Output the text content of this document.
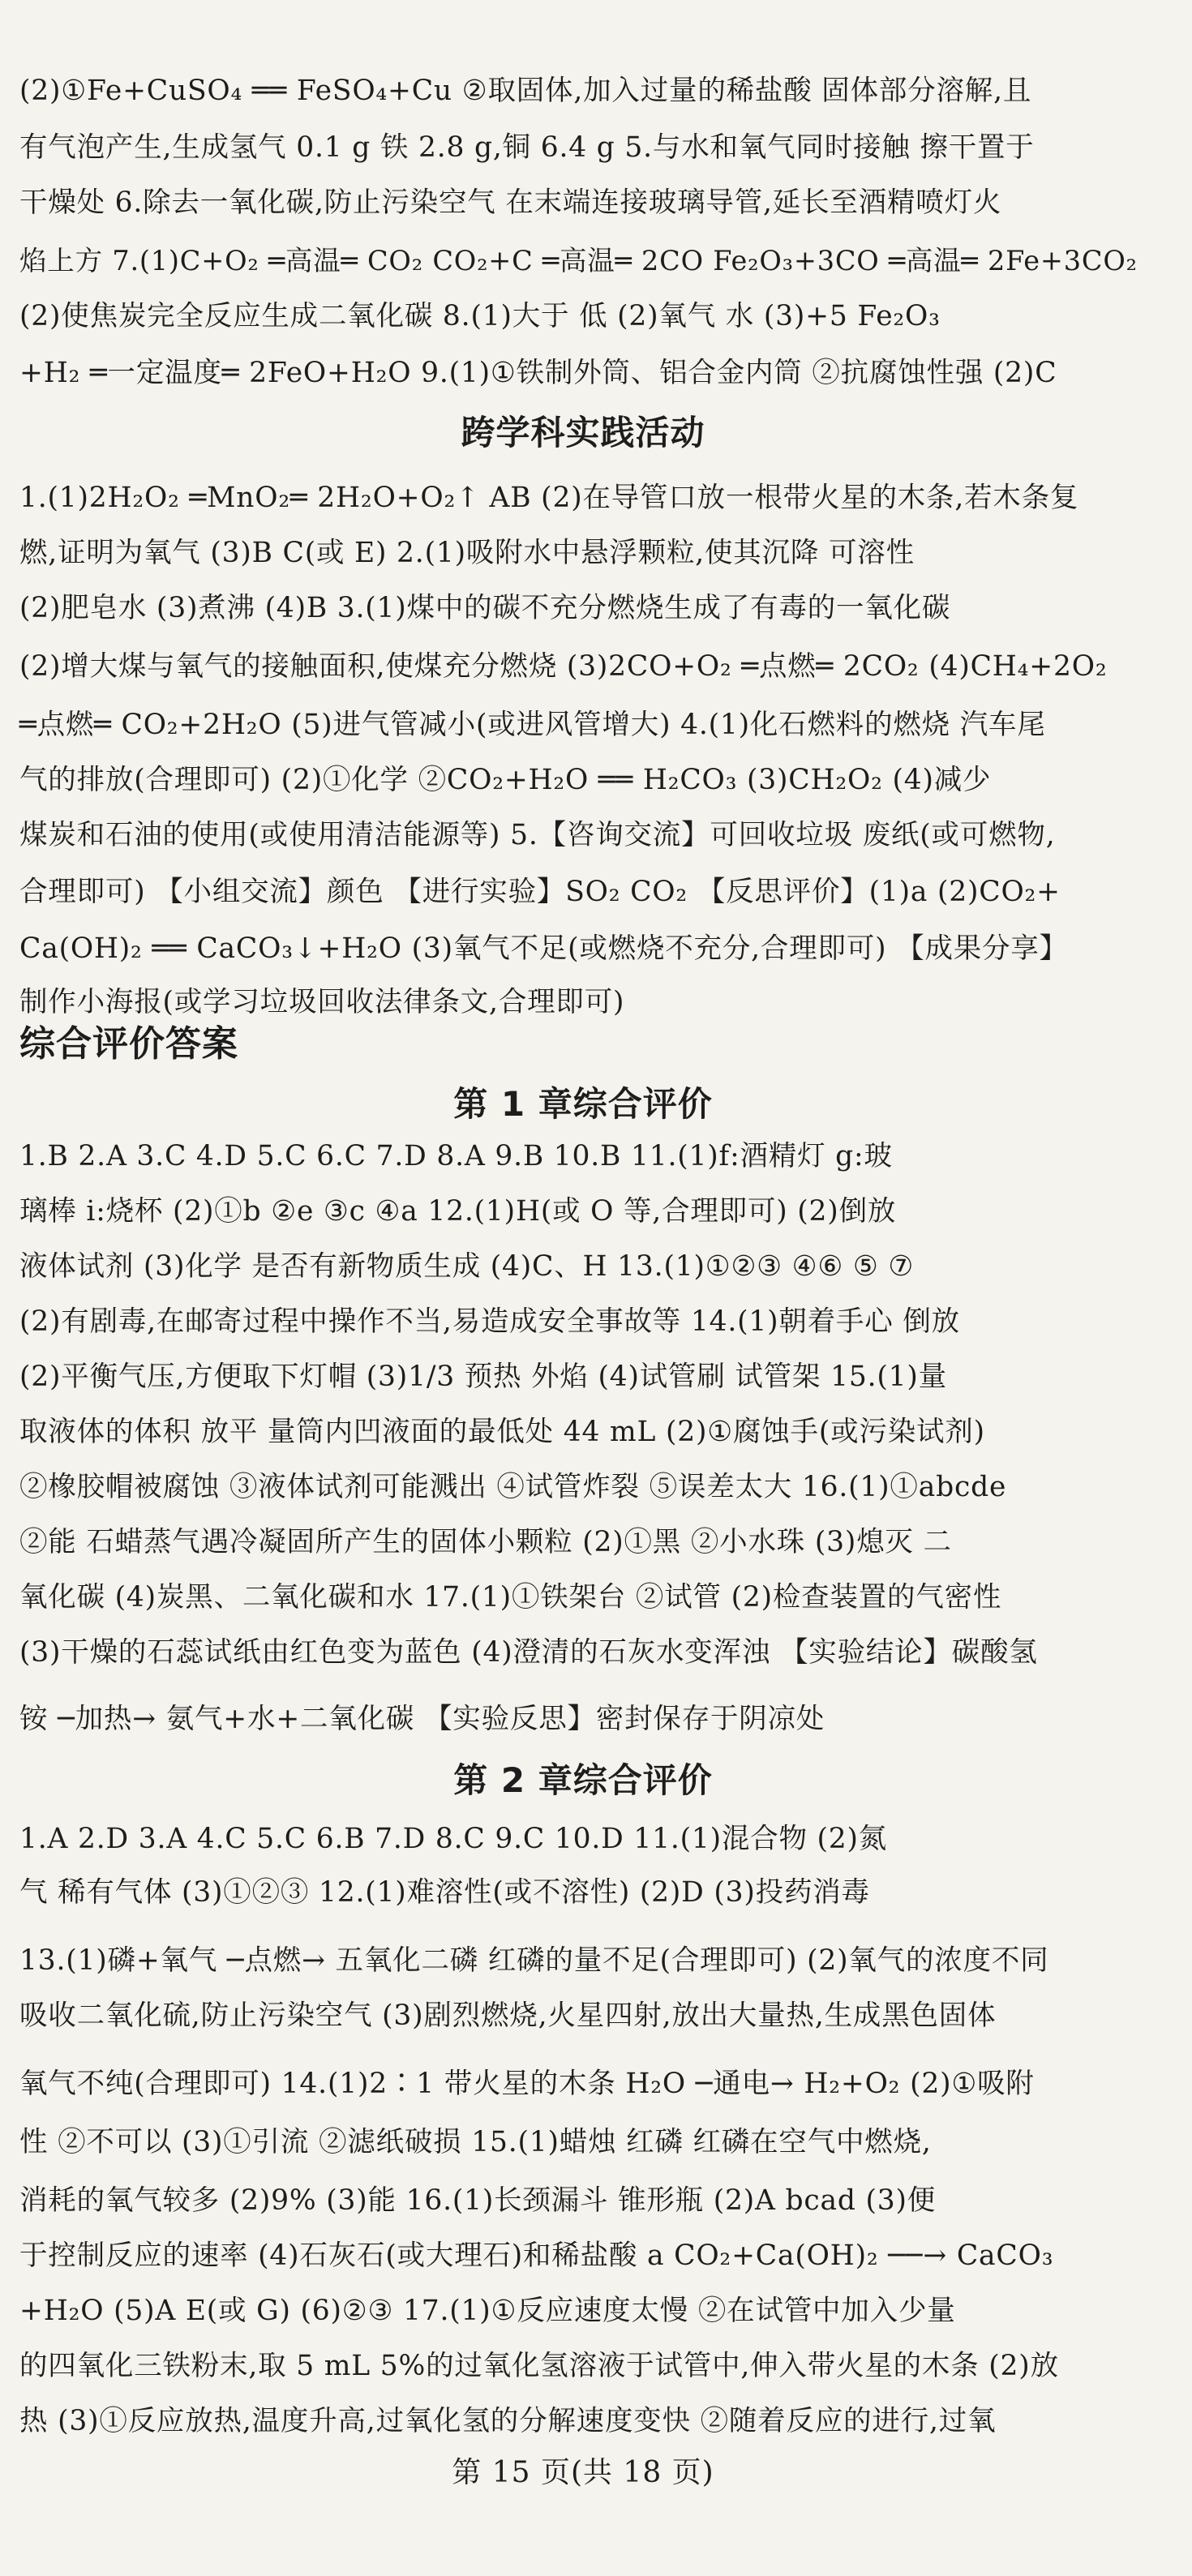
(2)①Fe+CuSO₄ ══ FeSO₄+Cu ②取固体,加入过量的稀盐酸 固体部分溶解,且
有气泡产生,生成氢气 0.1 g 铁 2.8 g,铜 6.4 g 5.与水和氧气同时接触 擦干置于
干燥处 6.除去一氧化碳,防止污染空气 在末端连接玻璃导管,延长至酒精喷灯火
焰上方 7.(1)C+O₂ ═高温═ CO₂ CO₂+C ═高温═ 2CO Fe₂O₃+3CO ═高温═ 2Fe+3CO₂
(2)使焦炭完全反应生成二氧化碳 8.(1)大于 低 (2)氧气 水 (3)+5 Fe₂O₃
+H₂ ═一定温度═ 2FeO+H₂O 9.(1)①铁制外筒、铝合金内筒 ②抗腐蚀性强 (2)C
跨学科实践活动
1.(1)2H₂O₂ ═MnO₂═ 2H₂O+O₂↑ AB (2)在导管口放一根带火星的木条,若木条复
燃,证明为氧气 (3)B C(或 E) 2.(1)吸附水中悬浮颗粒,使其沉降 可溶性
(2)肥皂水 (3)煮沸 (4)B 3.(1)煤中的碳不充分燃烧生成了有毒的一氧化碳
(2)增大煤与氧气的接触面积,使煤充分燃烧 (3)2CO+O₂ ═点燃═ 2CO₂ (4)CH₄+2O₂
═点燃═ CO₂+2H₂O (5)进气管减小(或进风管增大) 4.(1)化石燃料的燃烧 汽车尾
气的排放(合理即可) (2)①化学 ②CO₂+H₂O ══ H₂CO₃ (3)CH₂O₂ (4)减少
煤炭和石油的使用(或使用清洁能源等) 5.【咨询交流】可回收垃圾 废纸(或可燃物,
合理即可) 【小组交流】颜色 【进行实验】SO₂ CO₂ 【反思评价】(1)a (2)CO₂+
Ca(OH)₂ ══ CaCO₃↓+H₂O (3)氧气不足(或燃烧不充分,合理即可) 【成果分享】
制作小海报(或学习垃圾回收法律条文,合理即可)
综合评价答案
第 1 章综合评价
1.B 2.A 3.C 4.D 5.C 6.C 7.D 8.A 9.B 10.B 11.(1)f:酒精灯 g:玻
璃棒 i:烧杯 (2)①b ②e ③c ④a 12.(1)H(或 O 等,合理即可) (2)倒放
液体试剂 (3)化学 是否有新物质生成 (4)C、H 13.(1)①②③ ④⑥ ⑤ ⑦
(2)有剧毒,在邮寄过程中操作不当,易造成安全事故等 14.(1)朝着手心 倒放
(2)平衡气压,方便取下灯帽 (3)1/3 预热 外焰 (4)试管刷 试管架 15.(1)量
取液体的体积 放平 量筒内凹液面的最低处 44 mL (2)①腐蚀手(或污染试剂)
②橡胶帽被腐蚀 ③液体试剂可能溅出 ④试管炸裂 ⑤误差太大 16.(1)①abcde
②能 石蜡蒸气遇冷凝固所产生的固体小颗粒 (2)①黑 ②小水珠 (3)熄灭 二
氧化碳 (4)炭黑、二氧化碳和水 17.(1)①铁架台 ②试管 (2)检查装置的气密性
(3)干燥的石蕊试纸由红色变为蓝色 (4)澄清的石灰水变浑浊 【实验结论】碳酸氢
铵 ─加热→ 氨气+水+二氧化碳 【实验反思】密封保存于阴凉处
第 2 章综合评价
1.A 2.D 3.A 4.C 5.C 6.B 7.D 8.C 9.C 10.D 11.(1)混合物 (2)氮
气 稀有气体 (3)①②③ 12.(1)难溶性(或不溶性) (2)D (3)投药消毒
13.(1)磷+氧气 ─点燃→ 五氧化二磷 红磷的量不足(合理即可) (2)氧气的浓度不同
吸收二氧化硫,防止污染空气 (3)剧烈燃烧,火星四射,放出大量热,生成黑色固体
氧气不纯(合理即可) 14.(1)2∶1 带火星的木条 H₂O ─通电→ H₂+O₂ (2)①吸附
性 ②不可以 (3)①引流 ②滤纸破损 15.(1)蜡烛 红磷 红磷在空气中燃烧,
消耗的氧气较多 (2)9% (3)能 16.(1)长颈漏斗 锥形瓶 (2)A bcad (3)便
于控制反应的速率 (4)石灰石(或大理石)和稀盐酸 a CO₂+Ca(OH)₂ ──→ CaCO₃
+H₂O (5)A E(或 G) (6)②③ 17.(1)①反应速度太慢 ②在试管中加入少量
的四氧化三铁粉末,取 5 mL 5%的过氧化氢溶液于试管中,伸入带火星的木条 (2)放
热 (3)①反应放热,温度升高,过氧化氢的分解速度变快 ②随着反应的进行,过氧
第 15 页(共 18 页)
